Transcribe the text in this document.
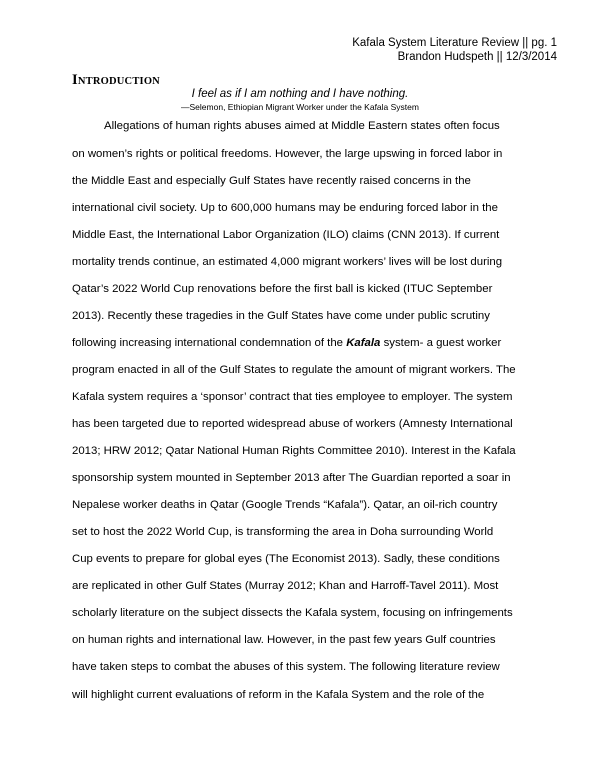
Kafala System Literature Review || pg. 1
Brandon Hudspeth || 12/3/2014
INTRODUCTION
I feel as if I am nothing and I have nothing.
—Selemon, Ethiopian Migrant Worker under the Kafala System
Allegations of human rights abuses aimed at Middle Eastern states often focus
on women’s rights or political freedoms. However, the large upswing in forced labor in
the Middle East and especially Gulf States have recently raised concerns in the
international civil society. Up to 600,000 humans may be enduring forced labor in the
Middle East, the International Labor Organization (ILO) claims (CNN 2013). If current
mortality trends continue, an estimated 4,000 migrant workers’ lives will be lost during
Qatar’s 2022 World Cup renovations before the first ball is kicked (ITUC September
2013). Recently these tragedies in the Gulf States have come under public scrutiny
following increasing international condemnation of the Kafala system- a guest worker
program enacted in all of the Gulf States to regulate the amount of migrant workers. The
Kafala system requires a ‘sponsor’ contract that ties employee to employer. The system
has been targeted due to reported widespread abuse of workers (Amnesty International
2013; HRW 2012; Qatar National Human Rights Committee 2010). Interest in the Kafala
sponsorship system mounted in September 2013 after The Guardian reported a soar in
Nepalese worker deaths in Qatar (Google Trends “Kafala”). Qatar, an oil-rich country
set to host the 2022 World Cup, is transforming the area in Doha surrounding World
Cup events to prepare for global eyes (The Economist 2013). Sadly, these conditions
are replicated in other Gulf States (Murray 2012; Khan and Harroff-Tavel 2011). Most
scholarly literature on the subject dissects the Kafala system, focusing on infringements
on human rights and international law. However, in the past few years Gulf countries
have taken steps to combat the abuses of this system. The following literature review
will highlight current evaluations of reform in the Kafala System and the role of the
